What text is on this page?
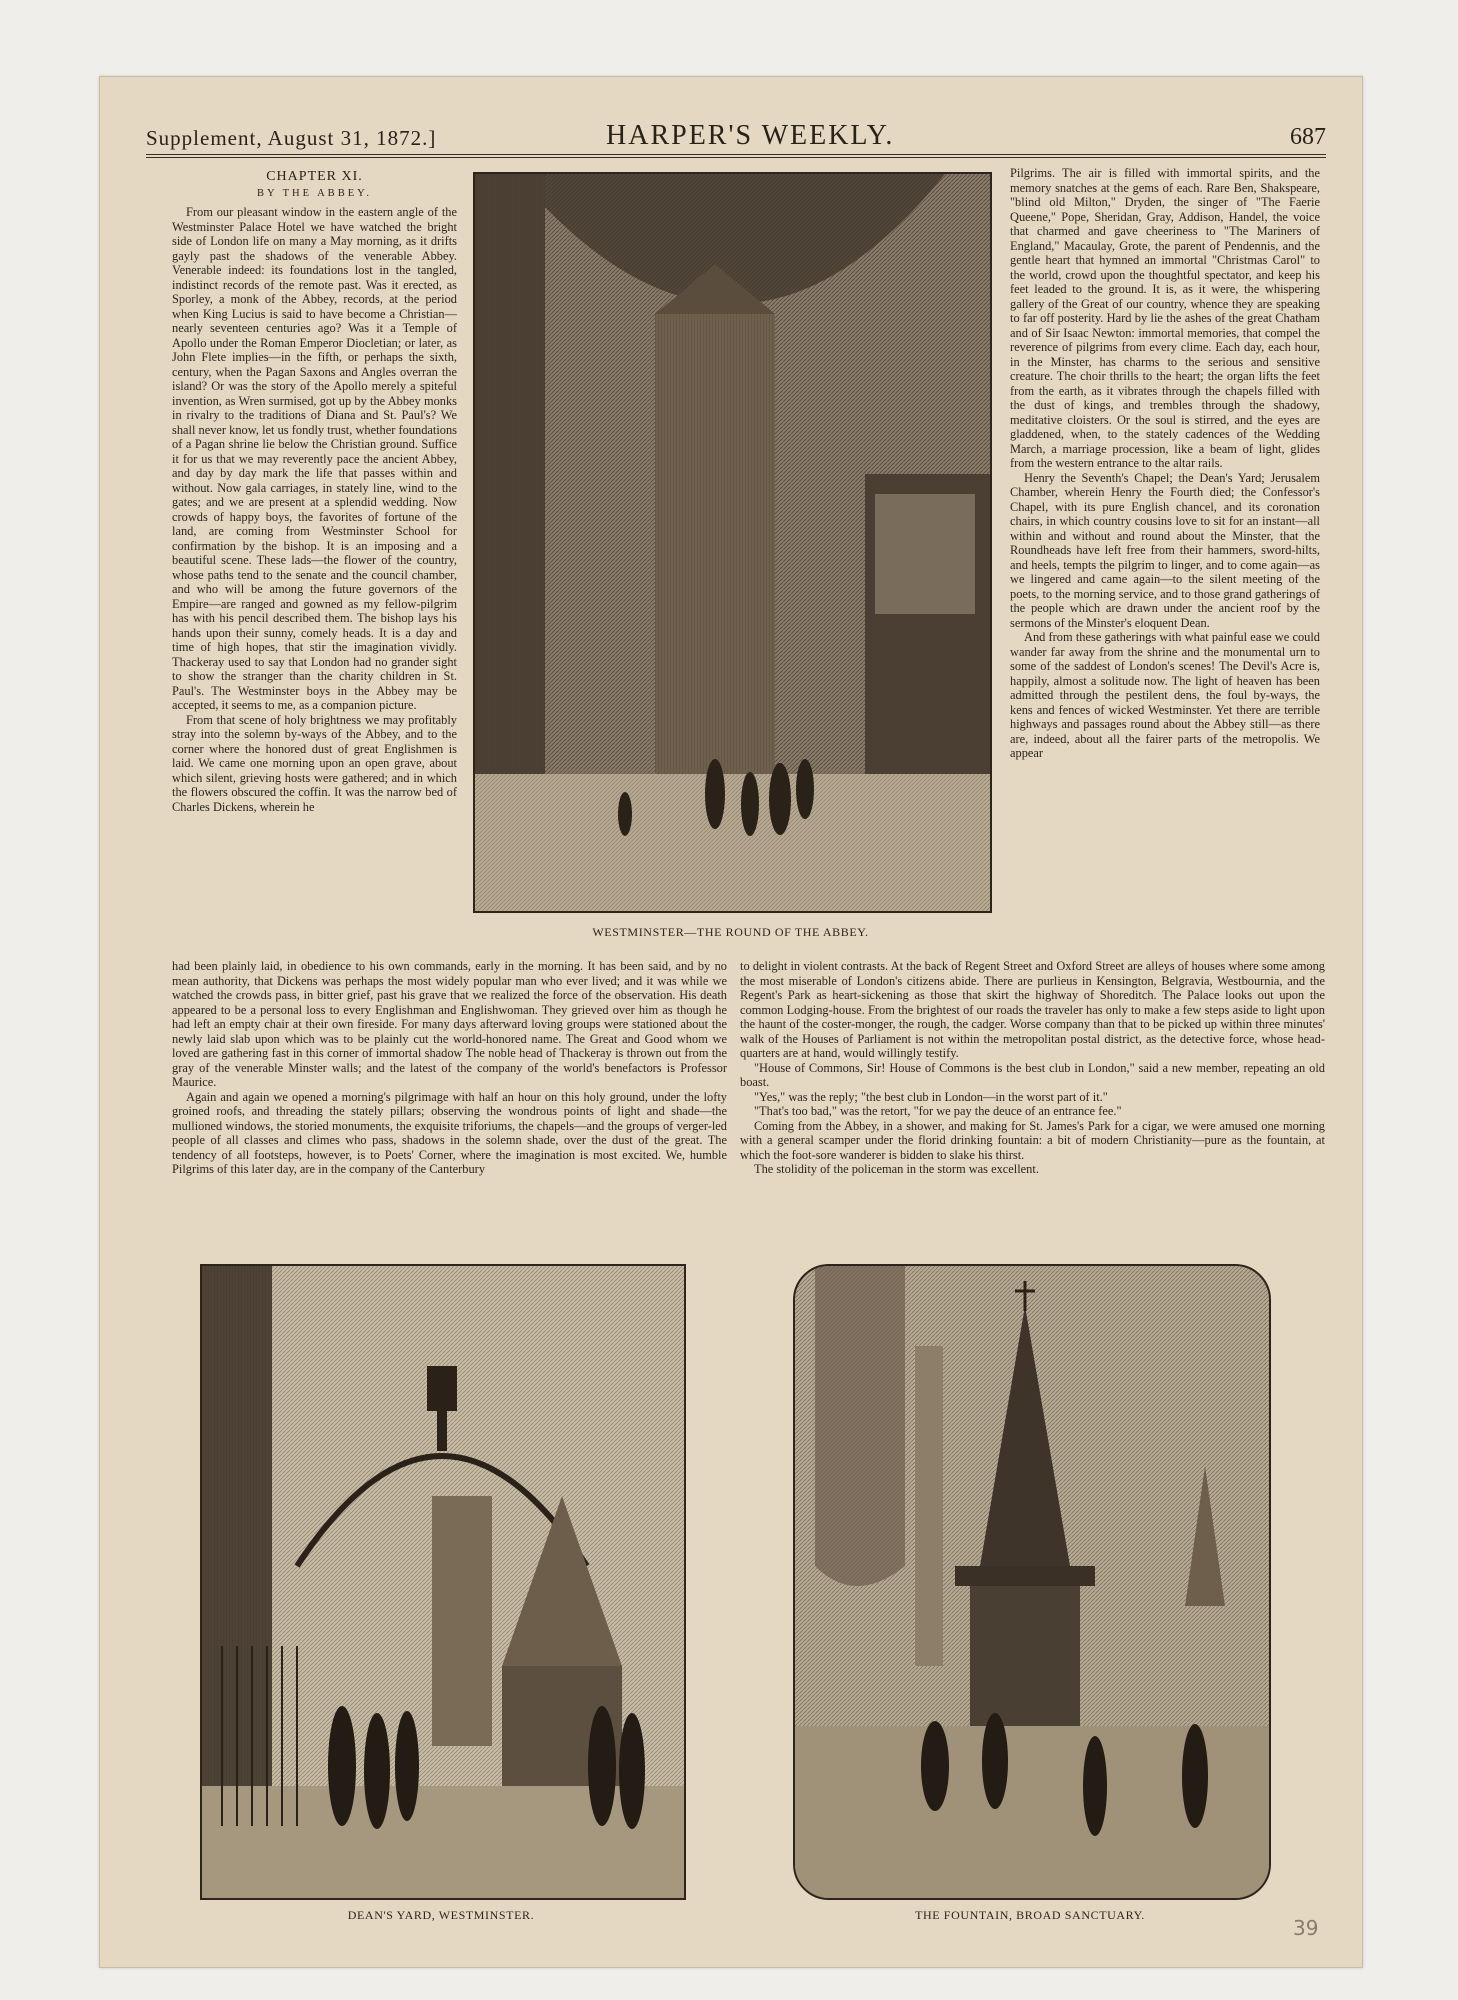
Supplement, August 31, 1872.]	HARPER'S WEEKLY.	687
CHAPTER XI.
BY THE ABBEY.

From our pleasant window in the eastern angle of the Westminster Palace Hotel we have watched the bright side of London life on many a May morning, as it drifts gayly past the shadows of the venerable Abbey. Venerable indeed: its foundations lost in the tangled, indistinct records of the remote past. Was it erected, as Sporley, a monk of the Abbey, records, at the period when King Lucius is said to have become a Christian—nearly seventeen centuries ago? Was it a Temple of Apollo under the Roman Emperor Diocletian; or later, as John Flete implies—in the fifth, or perhaps the sixth, century, when the Pagan Saxons and Angles overran the island? Or was the story of the Apollo merely a spiteful invention, as Wren surmised, got up by the Abbey monks in rivalry to the traditions of Diana and St. Paul's? We shall never know, let us fondly trust, whether foundations of a Pagan shrine lie below the Christian ground. Suffice it for us that we may reverently pace the ancient Abbey, and day by day mark the life that passes within and without. Now gala carriages, in stately line, wind to the gates; and we are present at a splendid wedding. Now crowds of happy boys, the favorites of fortune of the land, are coming from Westminster School for confirmation by the bishop. It is an imposing and a beautiful scene. These lads—the flower of the country, whose paths tend to the senate and the council chamber, and who will be among the future governors of the Empire—are ranged and gowned as my fellow-pilgrim has with his pencil described them. The bishop lays his hands upon their sunny, comely heads. It is a day and time of high hopes, that stir the imagination vividly. Thackeray used to say that London had no grander sight to show the stranger than the charity children in St. Paul's. The Westminster boys in the Abbey may be accepted, it seems to me, as a companion picture.

From that scene of holy brightness we may profitably stray into the solemn by-ways of the Abbey, and to the corner where the honored dust of great Englishmen is laid. We came one morning upon an open grave, about which silent, grieving hosts were gathered; and in which the flowers obscured the coffin. It was the narrow bed of Charles Dickens, wherein he

WESTMINSTER—THE ROUND OF THE ABBEY.

Pilgrims. The air is filled with immortal spirits, and the memory snatches at the gems of each. Rare Ben, Shakspeare, "blind old Milton," Dryden, the singer of "The Faerie Queene," Pope, Sheridan, Gray, Addison, Handel, the voice that charmed and gave cheeriness to "The Mariners of England," Macaulay, Grote, the parent of Pendennis, and the gentle heart that hymned an immortal "Christmas Carol" to the world, crowd upon the thoughtful spectator, and keep his feet leaded to the ground. It is, as it were, the whispering gallery of the Great of our country, whence they are speaking to far off posterity. Hard by lie the ashes of the great Chatham and of Sir Isaac Newton: immortal memories, that compel the reverence of pilgrims from every clime. Each day, each hour, in the Minster, has charms to the serious and sensitive creature. The choir thrills to the heart; the organ lifts the feet from the earth, as it vibrates through the chapels filled with the dust of kings, and trembles through the shadowy, meditative cloisters. Or the soul is stirred, and the eyes are gladdened, when, to the stately cadences of the Wedding March, a marriage procession, like a beam of light, glides from the western entrance to the altar rails.

Henry the Seventh's Chapel; the Dean's Yard; Jerusalem Chamber, wherein Henry the Fourth died; the Confessor's Chapel, with its pure English chancel, and its coronation chairs, in which country cousins love to sit for an instant—all within and without and round about the Minster, that the Roundheads have left free from their hammers, sword-hilts, and heels, tempts the pilgrim to linger, and to come again—as we lingered and came again—to the silent meeting of the poets, to the morning service, and to those grand gatherings of the people which are drawn under the ancient roof by the sermons of the Minster's eloquent Dean.

And from these gatherings with what painful ease we could wander far away from the shrine and the monumental urn to some of the saddest of London's scenes! The Devil's Acre is, happily, almost a solitude now. The light of heaven has been admitted through the pestilent dens, the foul by-ways, the kens and fences of wicked Westminster. Yet there are terrible highways and passages round about the Abbey still—as there are, indeed, about all the fairer parts of the metropolis. We appear

had been plainly laid, in obedience to his own commands, early in the morning. It has been said, and by no mean authority, that Dickens was perhaps the most widely popular man who ever lived; and it was while we watched the crowds pass, in bitter grief, past his grave that we realized the force of the observation. His death appeared to be a personal loss to every Englishman and Englishwoman. They grieved over him as though he had left an empty chair at their own fireside. For many days afterward loving groups were stationed about the newly laid slab upon which was to be plainly cut the world-honored name. The Great and Good whom we loved are gathering fast in this corner of immortal shadow The noble head of Thackeray is thrown out from the gray of the venerable Minster walls; and the latest of the company of the world's benefactors is Professor Maurice.

Again and again we opened a morning's pilgrimage with half an hour on this holy ground, under the lofty groined roofs, and threading the stately pillars; observing the wondrous points of light and shade—the mullioned windows, the storied monuments, the exquisite triforiums, the chapels—and the groups of verger-led people of all classes and climes who pass, shadows in the solemn shade, over the dust of the great. The tendency of all footsteps, however, is to Poets' Corner, where the imagination is most excited. We, humble Pilgrims of this later day, are in the company of the Canterbury

to delight in violent contrasts. At the back of Regent Street and Oxford Street are alleys of houses where some among the most miserable of London's citizens abide. There are purlieus in Kensington, Belgravia, Westbournia, and the Regent's Park as heart-sickening as those that skirt the highway of Shoreditch. The Palace looks out upon the common Lodging-house. From the brightest of our roads the traveler has only to make a few steps aside to light upon the haunt of the coster-monger, the rough, the cadger. Worse company than that to be picked up within three minutes' walk of the Houses of Parliament is not within the metropolitan postal district, as the detective force, whose head-quarters are at hand, would willingly testify.

"House of Commons, Sir! House of Commons is the best club in London," said a new member, repeating an old boast.

"Yes," was the reply; "the best club in London—in the worst part of it."

"That's too bad," was the retort, "for we pay the deuce of an entrance fee."

Coming from the Abbey, in a shower, and making for St. James's Park for a cigar, we were amused one morning with a general scamper under the florid drinking fountain: a bit of modern Christianity—pure as the fountain, at which the foot-sore wanderer is bidden to slake his thirst.

The stolidity of the policeman in the storm was excellent.

DEAN'S YARD, WESTMINSTER.	THE FOUNTAIN, BROAD SANCTUARY.
39
